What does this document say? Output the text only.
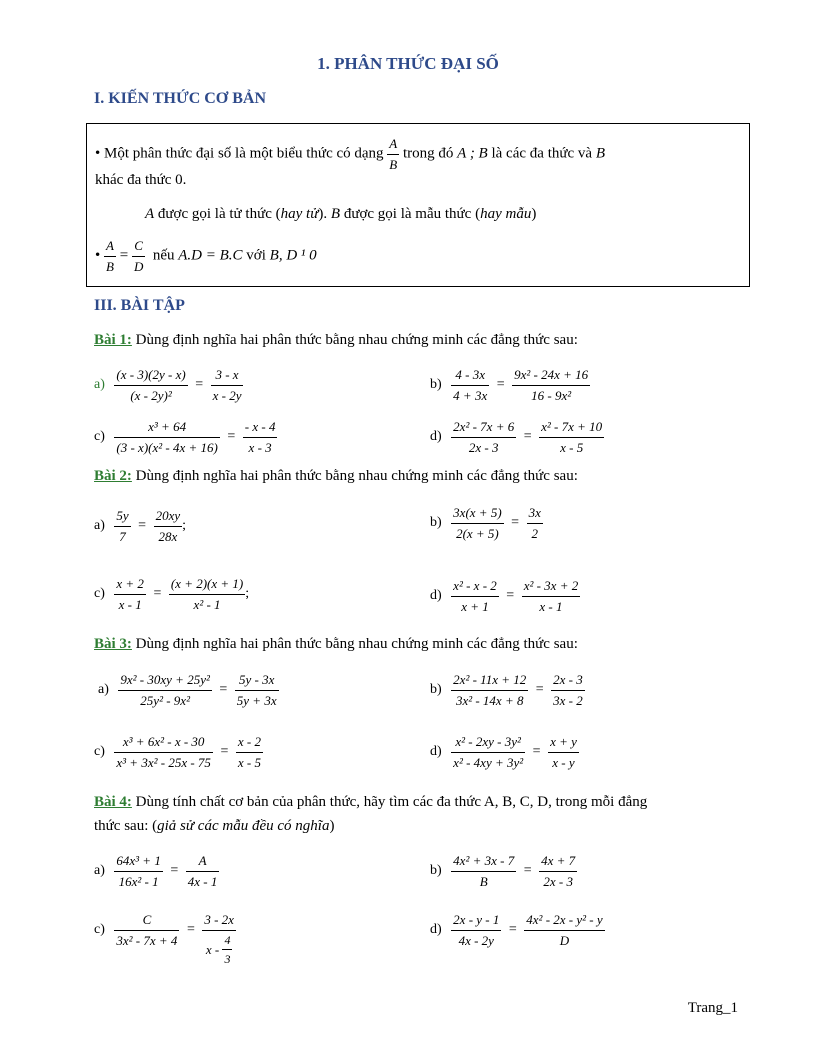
1. PHÂN THỨC ĐẠI SỐ
I. KIẾN THỨC CƠ BẢN
• Một phân thức đại số là một biểu thức có dạng $\frac{A}{B}$ trong đó A ; B là các đa thức và B
khác đa thức 0.
A được gọi là tử thức (hay tử). B được gọi là mẫu thức (hay mẫu)
• $\frac{A}{B} = \frac{C}{D}$ nếu A.D = B.C với B, D ¹ 0
III. BÀI TẬP
Bài 1: Dùng định nghĩa hai phân thức bằng nhau chứng minh các đẳng thức sau:
$a) \frac{(x - 3)(2y - x)}{\text{(x - 2y)²}} = \frac{3 - x}{x - 2y}$	$b) \frac{4 - 3x}{4 + 3x} = \frac{\text{9x² - 24x + 16}}{\text{16 - 9x²}}$
$c) \frac{\text{x³ + 64}}{\text{(3 - x)(x² - 4x + 16)}} = \frac{- x - 4}{x - 3}$	$d) \frac{\text{2x² - 7x + 6}}{2x - 3} = \frac{\text{x² - 7x + 10}}{x - 5}$
Bài 2: Dùng định nghĩa hai phân thức bằng nhau chứng minh các đẳng thức sau:
$a) \frac{5y}{7} = \frac{20xy}{28x}$ ;	$b) \frac{3x(x + 5)}{2(x + 5)} = \frac{3x}{2}$
$c) \frac{x + 2}{x - 1} = \frac{(x + 2)(x + 1)}{\text{x² - 1}}$ ;	$d) \frac{\text{x² - x - 2}}{x + 1} = \frac{\text{x² - 3x + 2}}{x - 1}$
Bài 3: Dùng định nghĩa hai phân thức bằng nhau chứng minh các đẳng thức sau:
$a) \frac{\text{9x² - 30xy + 25y²}}{\text{25y² - 9x²}} = \frac{5y - 3x}{5y + 3x}$	$b) \frac{\text{2x² - 11x + 12}}{\text{3x² - 14x + 8}} = \frac{2x - 3}{3x - 2}$
$c) \frac{\text{x³ + 6x² - x - 30}}{\text{x³ + 3x² - 25x - 75}} = \frac{x - 2}{x - 5}$	$d) \frac{\text{x² - 2xy - 3y²}}{\text{x² - 4xy + 3y²}} = \frac{x + y}{x - y}$
Bài 4: Dùng tính chất cơ bản của phân thức, hãy tìm các đa thức A, B, C, D, trong mỗi đẳng
thức sau: (giả sử các mẫu đều có nghĩa)
$a) \frac{\text{64x³ + 1}}{\text{16x² - 1}} = \frac{A}{4x - 1}$	$b) \frac{\text{4x² + 3x - 7}}{B} = \frac{4x + 7}{2x - 3}$
$c) \frac{C}{\text{3x² - 7x + 4}} = \frac{3 - 2x}{x - \frac{4}{3}}$	$d) \frac{2x - y - 1}{4x - 2y} = \frac{\text{4x² - 2x - y² - y}}{D}$
Trang_1
